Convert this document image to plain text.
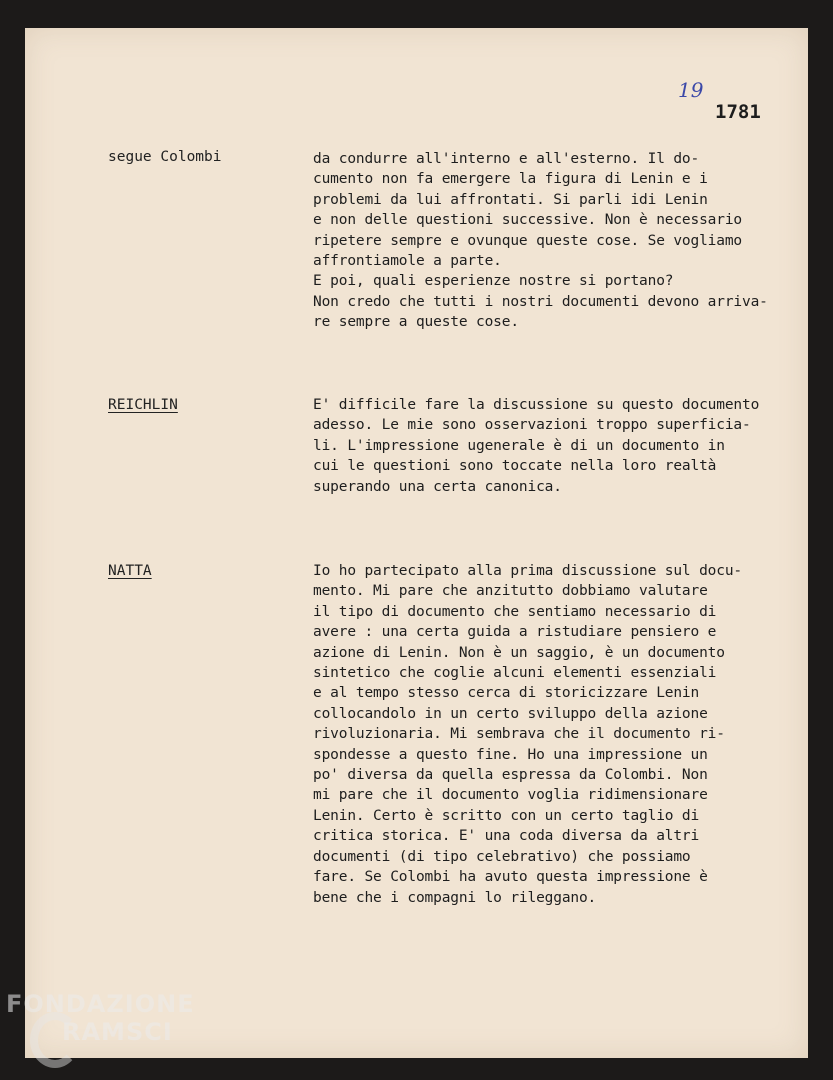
19
1781
segue Colombi	da condurre all'interno e all'esterno. Il do-
cumento non fa emergere la figura di Lenin e i
problemi da lui affrontati. Si parli idi Lenin
e non delle questioni successive. Non è necessario
ripetere sempre e ovunque queste cose. Se vogliamo
affrontiamole a parte.
E poi, quali esperienze nostre si portano?
Non credo che tutti i nostri documenti devono arriva-
re sempre a queste cose.
REICHLIN	E' difficile fare la discussione su questo documento
adesso. Le mie sono osservazioni troppo superficia-
li. L'impressione ugenerale è di un documento in
cui le questioni sono toccate nella loro realtà
superando una certa canonica.
NATTA	Io ho partecipato alla prima discussione sul docu-
mento. Mi pare che anzitutto dobbiamo valutare
il tipo di documento che sentiamo necessario di
avere : una certa guida a ristudiare pensiero e
azione di Lenin. Non è un saggio, è un documento
sintetico che coglie alcuni elementi essenziali
e al tempo stesso cerca di storicizzare Lenin
collocandolo in un certo sviluppo della azione
rivoluzionaria. Mi sembrava che il documento ri-
spondesse a questo fine. Ho una impressione un
po' diversa da quella espressa da Colombi. Non
mi pare che il documento voglia ridimensionare
Lenin. Certo è scritto con un certo taglio di
critica storica. E' una coda diversa da altri
documenti (di tipo celebrativo) che possiamo
fare. Se Colombi ha avuto questa impressione è
bene che i compagni lo rileggano.
FONDAZIONE
RAMSCI
